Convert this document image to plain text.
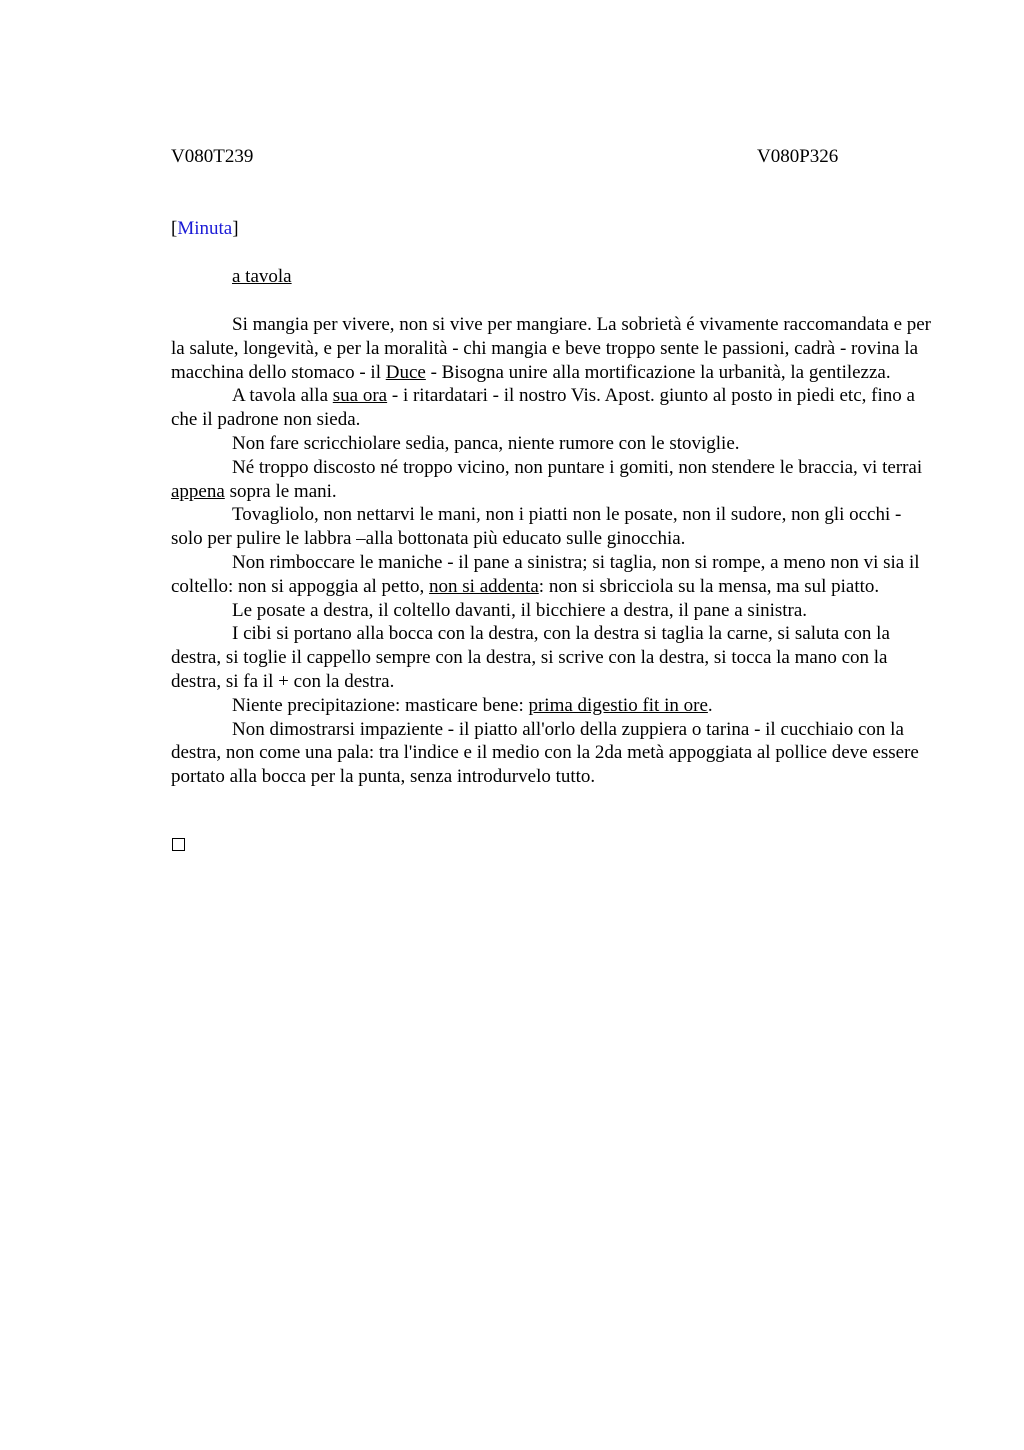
V080T239	V080P326
[Minuta]
a tavola

Si mangia per vivere, non si vive per mangiare. La sobrietà é vivamente raccomandata e per la salute, longevità, e per la moralità - chi mangia e beve troppo sente le passioni, cadrà - rovina la macchina dello stomaco - il Duce - Bisogna unire alla mortificazione la urbanità, la gentilezza.

A tavola alla sua ora - i ritardatari - il nostro Vis. Apost. giunto al posto in piedi etc, fino a che il padrone non sieda.

Non fare scricchiolare sedia, panca, niente rumore con le stoviglie.

Né troppo discosto né troppo vicino, non puntare i gomiti, non stendere le braccia, vi terrai appena sopra le mani.

Tovagliolo, non nettarvi le mani, non i piatti non le posate, non il sudore, non gli occhi - solo per pulire le labbra –alla bottonata più educato sulle ginocchia.

Non rimboccare le maniche - il pane a sinistra; si taglia, non si rompe, a meno non vi sia il coltello: non si appoggia al petto, non si addenta: non si sbricciola su la mensa, ma sul piatto.

Le posate a destra, il coltello davanti, il bicchiere a destra, il pane a sinistra.

I cibi si portano alla bocca con la destra, con la destra si taglia la carne, si saluta con la destra, si toglie il cappello sempre con la destra, si scrive con la destra, si tocca la mano con la destra, si fa il + con la destra.

Niente precipitazione: masticare bene: prima digestio fit in ore.

Non dimostrarsi impaziente - il piatto all'orlo della zuppiera o tarina - il cucchiaio con la destra, non come una pala: tra l'indice e il medio con la 2da metà appoggiata al pollice deve essere portato alla bocca per la punta, senza introdurvelo tutto.
